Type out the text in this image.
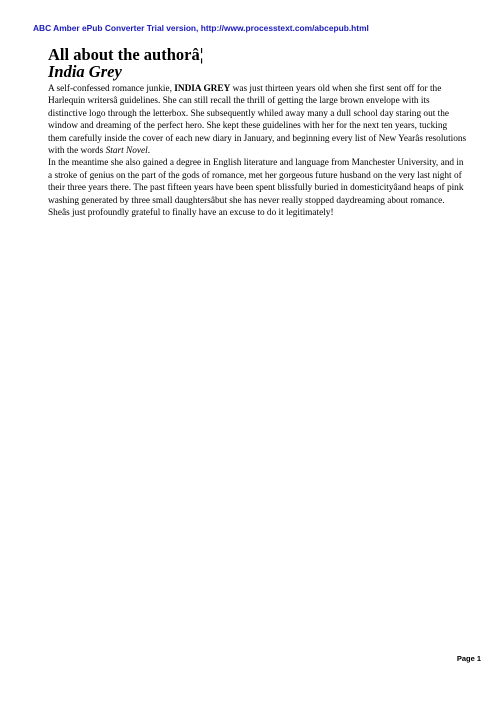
ABC Amber ePub Converter Trial version, http://www.processtext.com/abcepub.html
All about the authorâ¦
India Grey

A self-confessed romance junkie, INDIA GREY was just thirteen years old when she first sent off for the Harlequin writersâ guidelines. She can still recall the thrill of getting the large brown envelope with its distinctive logo through the letterbox. She subsequently whiled away many a dull school day staring out the window and dreaming of the perfect hero. She kept these guidelines with her for the next ten years, tucking them carefully inside the cover of each new diary in January, and beginning every list of New Yearâs resolutions with the words Start Novel.

In the meantime she also gained a degree in English literature and language from Manchester University, and in a stroke of genius on the part of the gods of romance, met her gorgeous future husband on the very last night of their three years there. The past fifteen years have been spent blissfully buried in domesticityâand heaps of pink washing generated by three small daughtersâbut she has never really stopped daydreaming about romance. Sheâs just profoundly grateful to finally have an excuse to do it legitimately!

Page 1
